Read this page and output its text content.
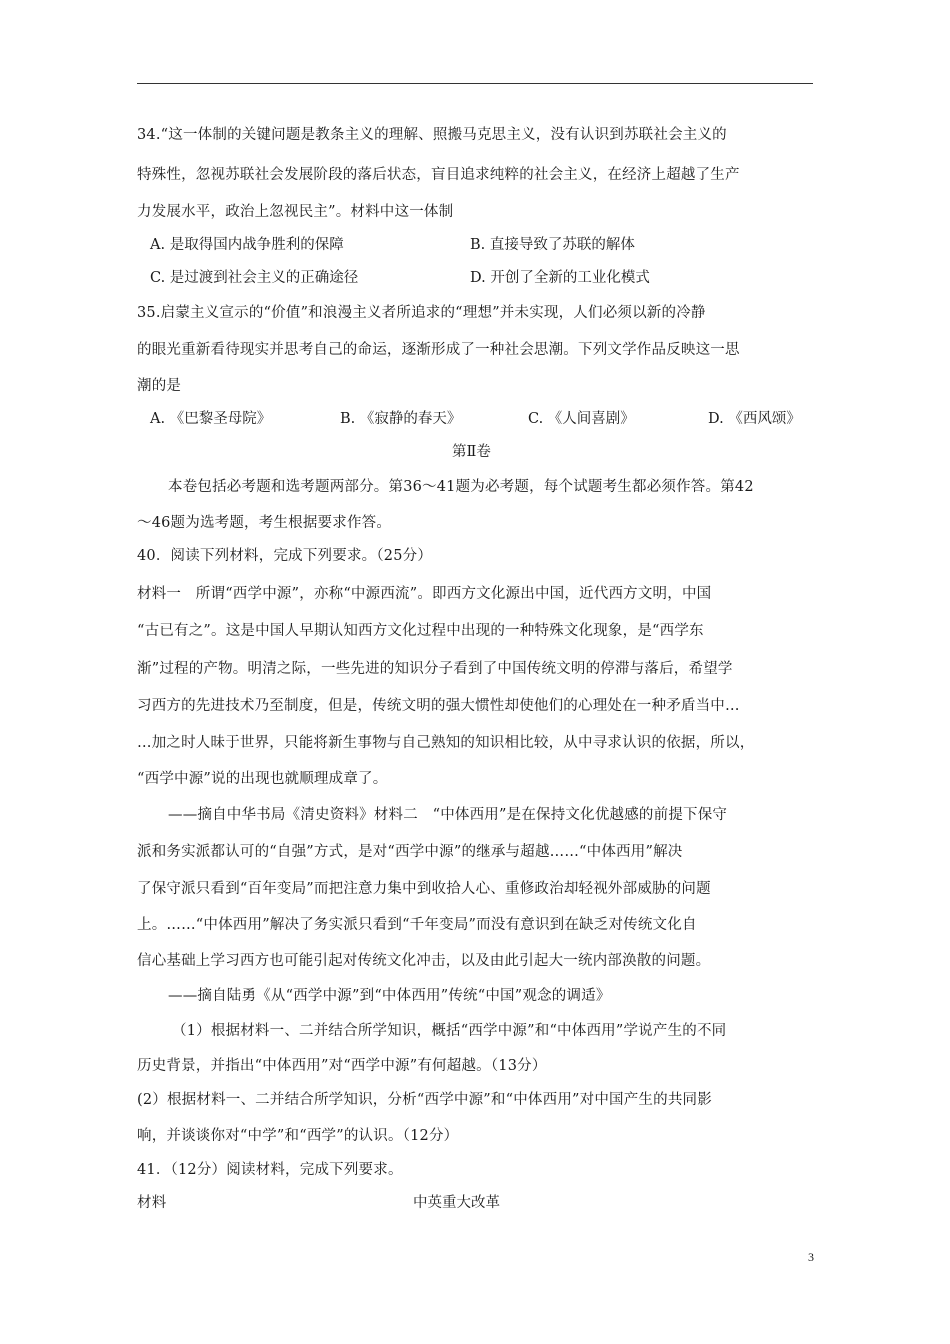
34.“这一体制的关键问题是教条主义的理解、照搬马克思主义，没有认识到苏联社会主义的
特殊性，忽视苏联社会发展阶段的落后状态，盲目追求纯粹的社会主义，在经济上超越了生产
力发展水平，政治上忽视民主”。材料中这一体制
A. 是取得国内战争胜利的保障	B. 直接导致了苏联的解体
C. 是过渡到社会主义的正确途径	D. 开创了全新的工业化模式
35.启蒙主义宣示的“价值”和浪漫主义者所追求的“理想”并未实现，人们必须以新的冷静
的眼光重新看待现实并思考自己的命运，逐渐形成了一种社会思潮。下列文学作品反映这一思
潮的是
A. 《巴黎圣母院》	B. 《寂静的春天》	C. 《人间喜剧》	D. 《西风颂》
第Ⅱ卷
本卷包括必考题和选考题两部分。第36～41题为必考题，每个试题考生都必须作答。第42
～46题为选考题，考生根据要求作答。
40．阅读下列材料，完成下列要求。（25分）
材料一　所谓“西学中源”，亦称“中源西流”。即西方文化源出中国，近代西方文明，中国
“古已有之”。这是中国人早期认知西方文化过程中出现的一种特殊文化现象，是“西学东
渐”过程的产物。明清之际，一些先进的知识分子看到了中国传统文明的停滞与落后，希望学
习西方的先进技术乃至制度，但是，传统文明的强大惯性却使他们的心理处在一种矛盾当中…
…加之时人昧于世界，只能将新生事物与自己熟知的知识相比较，从中寻求认识的依据，所以，
“西学中源”说的出现也就顺理成章了。
——摘自中华书局《清史资料》材料二　“中体西用”是在保持文化优越感的前提下保守
派和务实派都认可的“自强”方式，是对“西学中源”的继承与超越……“中体西用”解决
了保守派只看到“百年变局”而把注意力集中到收拾人心、重修政治却轻视外部威胁的问题
上。……“中体西用”解决了务实派只看到“千年变局”而没有意识到在缺乏对传统文化自
信心基础上学习西方也可能引起对传统文化冲击，以及由此引起大一统内部涣散的问题。
——摘自陆勇《从“西学中源”到“中体西用”传统“中国”观念的调适》
（1）根据材料一、二并结合所学知识，概括“西学中源”和“中体西用”学说产生的不同
历史背景，并指出“中体西用”对“西学中源”有何超越。（13分）
(2）根据材料一、二并结合所学知识，分析“西学中源”和“中体西用”对中国产生的共同影
响，并谈谈你对“中学”和“西学”的认识。（12分）
41．（12分）阅读材料，完成下列要求。
材料	中英重大改革
3
